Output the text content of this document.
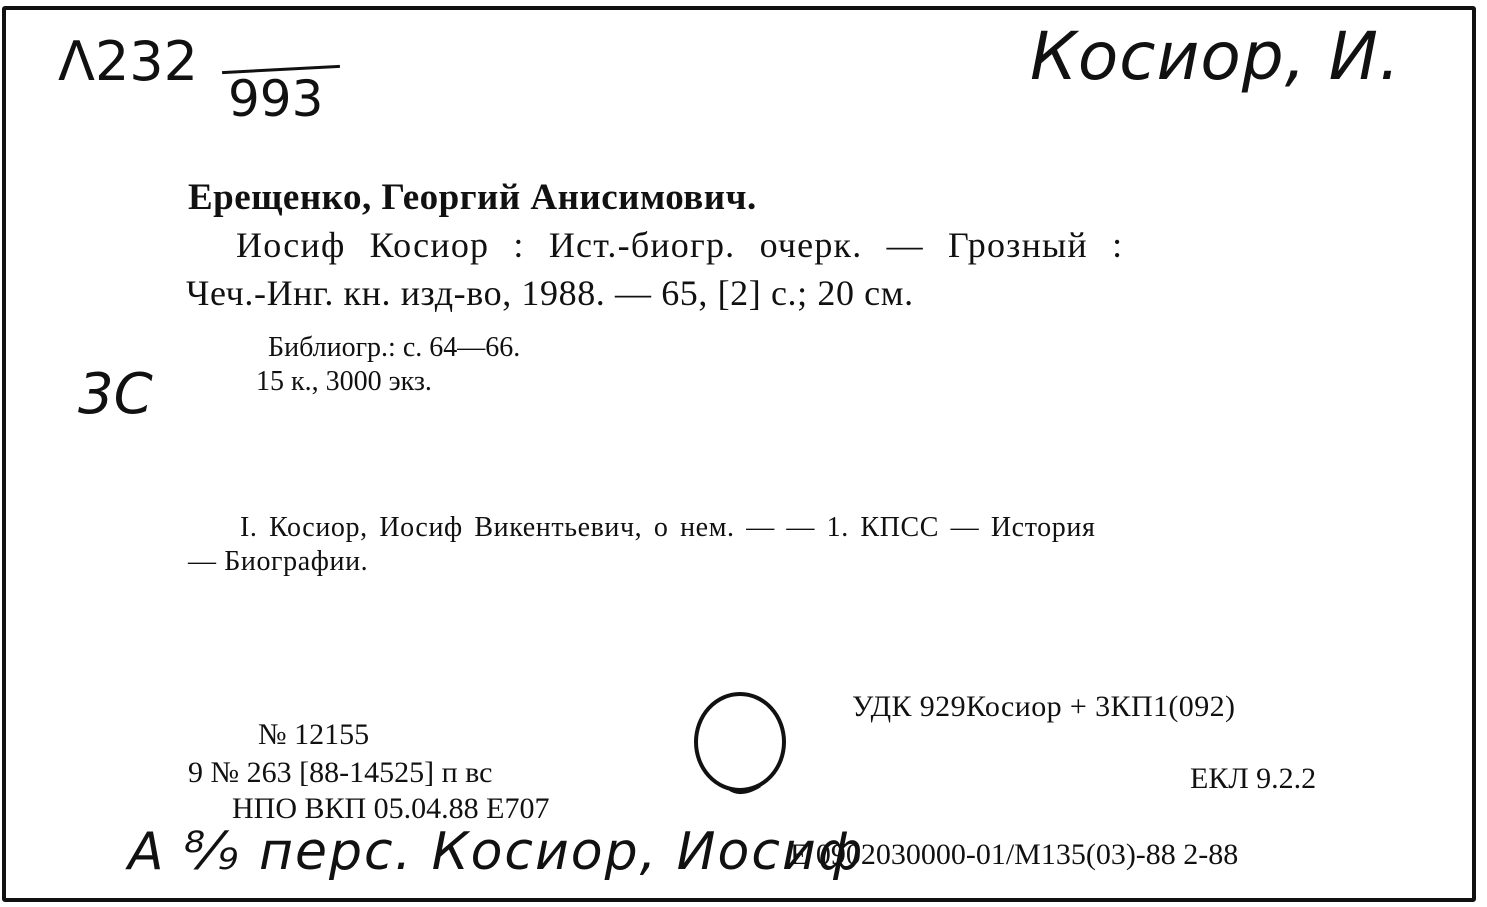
Λ232
993
Косиор, И.
3С
А ⁸⁄₉ перс. Косиор, Иосиф
Ерещенко, Георгий Анисимович.
Иосиф Косиор : Ист.-биогр. очерк. — Грозный :
Чеч.-Инг. кн. изд-во, 1988. — 65, [2] с.; 20 см.
Библиогр.: с. 64—66.
15 к., 3000 экз.
I. Косиор, Иосиф Викентьевич, о нем. — — 1. КПСС — История
— Биографии.
№ 12155
9 № 263 [88-14525] п вс
НПО ВКП 05.04.88 Е707
УДК 929Косиор + 3КП1(092)
ЕКЛ 9.2.2
Е 0902030000-01/М135(03)-88 2-88
